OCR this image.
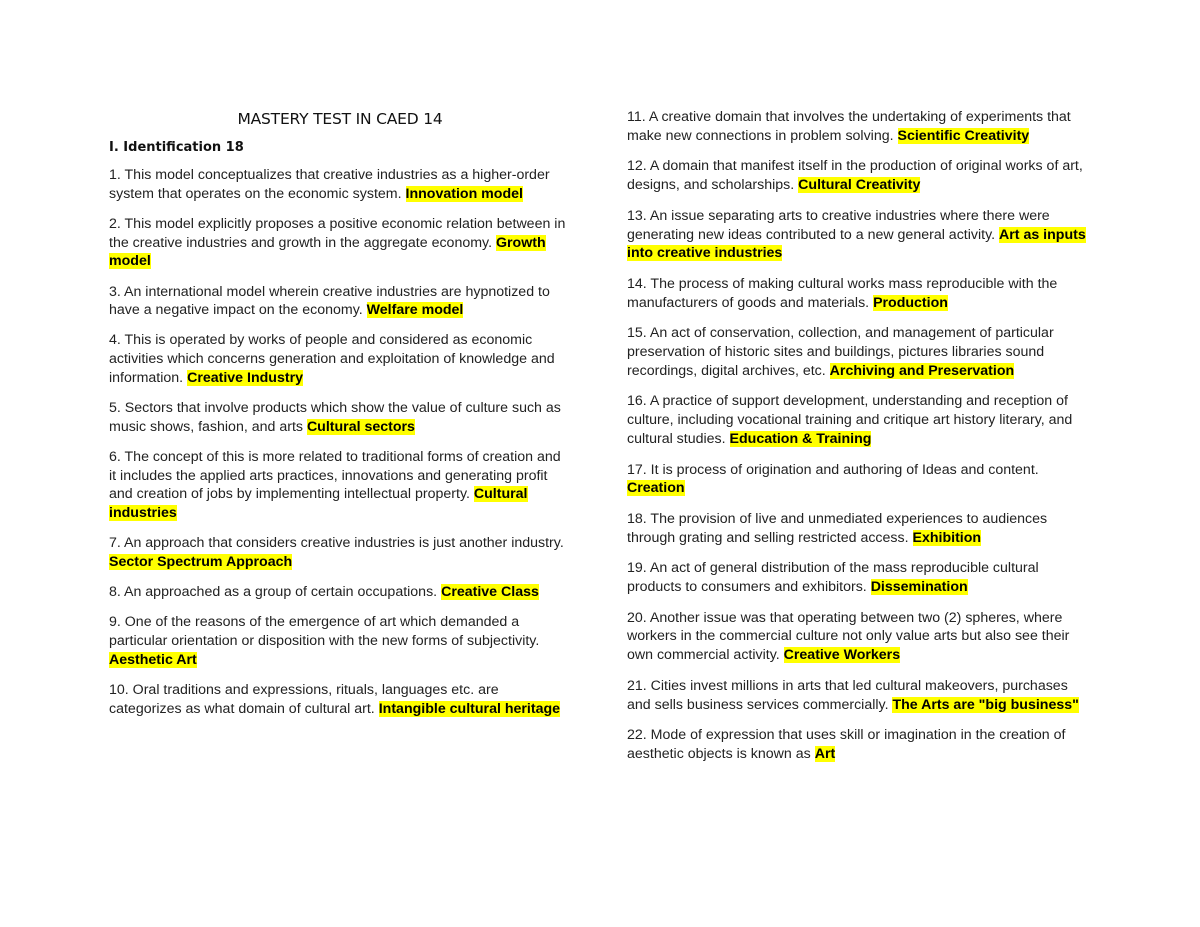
MASTERY TEST IN CAED 14
I. Identification 18
1. This model conceptualizes that creative industries as a higher-order system that operates on the economic system. Innovation model
2. This model explicitly proposes a positive economic relation between in the creative industries and growth in the aggregate economy. Growth model
3. An international model wherein creative industries are hypnotized to have a negative impact on the economy. Welfare model
4. This is operated by works of people and considered as economic activities which concerns generation and exploitation of knowledge and information. Creative Industry
5. Sectors that involve products which show the value of culture such as music shows, fashion, and arts Cultural sectors
6. The concept of this is more related to traditional forms of creation and it includes the applied arts practices, innovations and generating profit and creation of jobs by implementing intellectual property. Cultural industries
7. An approach that considers creative industries is just another industry. Sector Spectrum Approach
8. An approached as a group of certain occupations. Creative Class
9. One of the reasons of the emergence of art which demanded a particular orientation or disposition with the new forms of subjectivity. Aesthetic Art
10. Oral traditions and expressions, rituals, languages etc. are categorizes as what domain of cultural art. Intangible cultural heritage
11. A creative domain that involves the undertaking of experiments that make new connections in problem solving. Scientific Creativity
12. A domain that manifest itself in the production of original works of art, designs, and scholarships. Cultural Creativity
13. An issue separating arts to creative industries where there were generating new ideas contributed to a new general activity. Art as inputs into creative industries
14. The process of making cultural works mass reproducible with the manufacturers of goods and materials. Production
15. An act of conservation, collection, and management of particular preservation of historic sites and buildings, pictures libraries sound recordings, digital archives, etc. Archiving and Preservation
16. A practice of support development, understanding and reception of culture, including vocational training and critique art history literary, and cultural studies. Education & Training
17. It is process of origination and authoring of Ideas and content. Creation
18. The provision of live and unmediated experiences to audiences through grating and selling restricted access. Exhibition
19. An act of general distribution of the mass reproducible cultural products to consumers and exhibitors. Dissemination
20. Another issue was that operating between two (2) spheres, where workers in the commercial culture not only value arts but also see their own commercial activity. Creative Workers
21. Cities invest millions in arts that led cultural makeovers, purchases and sells business services commercially. The Arts are "big business"
22. Mode of expression that uses skill or imagination in the creation of aesthetic objects is known as Art
